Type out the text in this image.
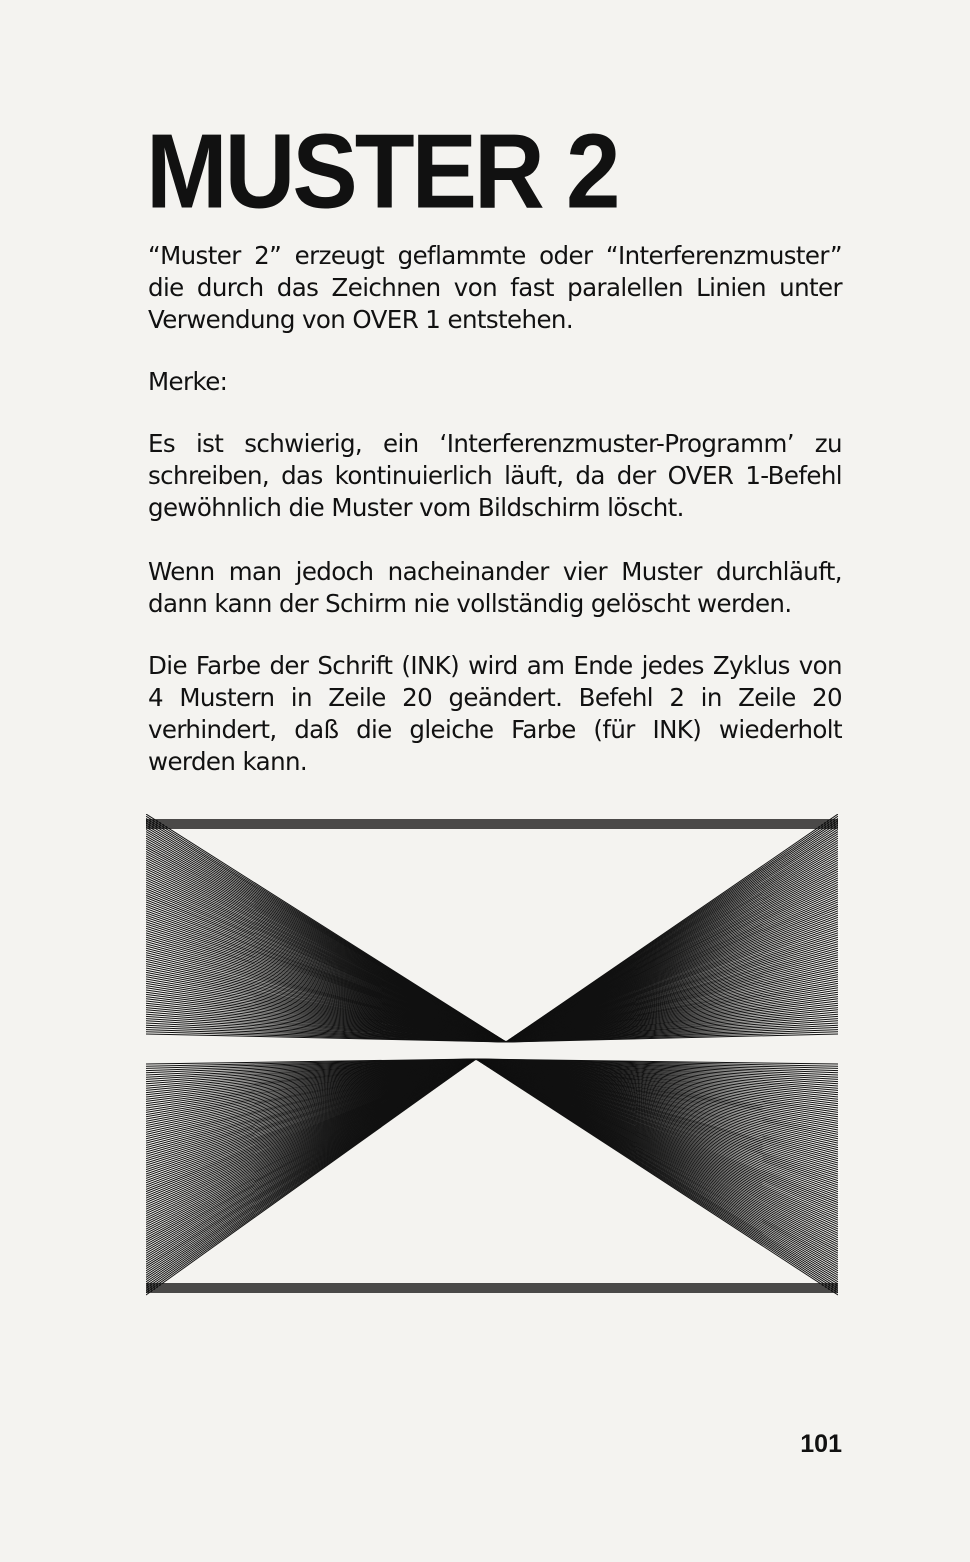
MUSTER 2

“Muster 2” erzeugt geflammte oder “Interferenzmuster” die durch das Zeichnen von fast paralellen Linien unter Verwendung von OVER 1 entstehen.

Merke:

Es ist schwierig, ein ‘Interferenzmuster-Programm’ zu schreiben, das kontinuierlich läuft, da der OVER 1-Befehl gewöhnlich die Muster vom Bildschirm löscht.

Wenn man jedoch nacheinander vier Muster durchläuft, dann kann der Schirm nie vollständig gelöscht werden.

Die Farbe der Schrift (INK) wird am Ende jedes Zyklus von 4 Mustern in Zeile 20 geändert. Befehl 2 in Zeile 20 verhindert, daß die gleiche Farbe (für INK) wiederholt werden kann.

101
